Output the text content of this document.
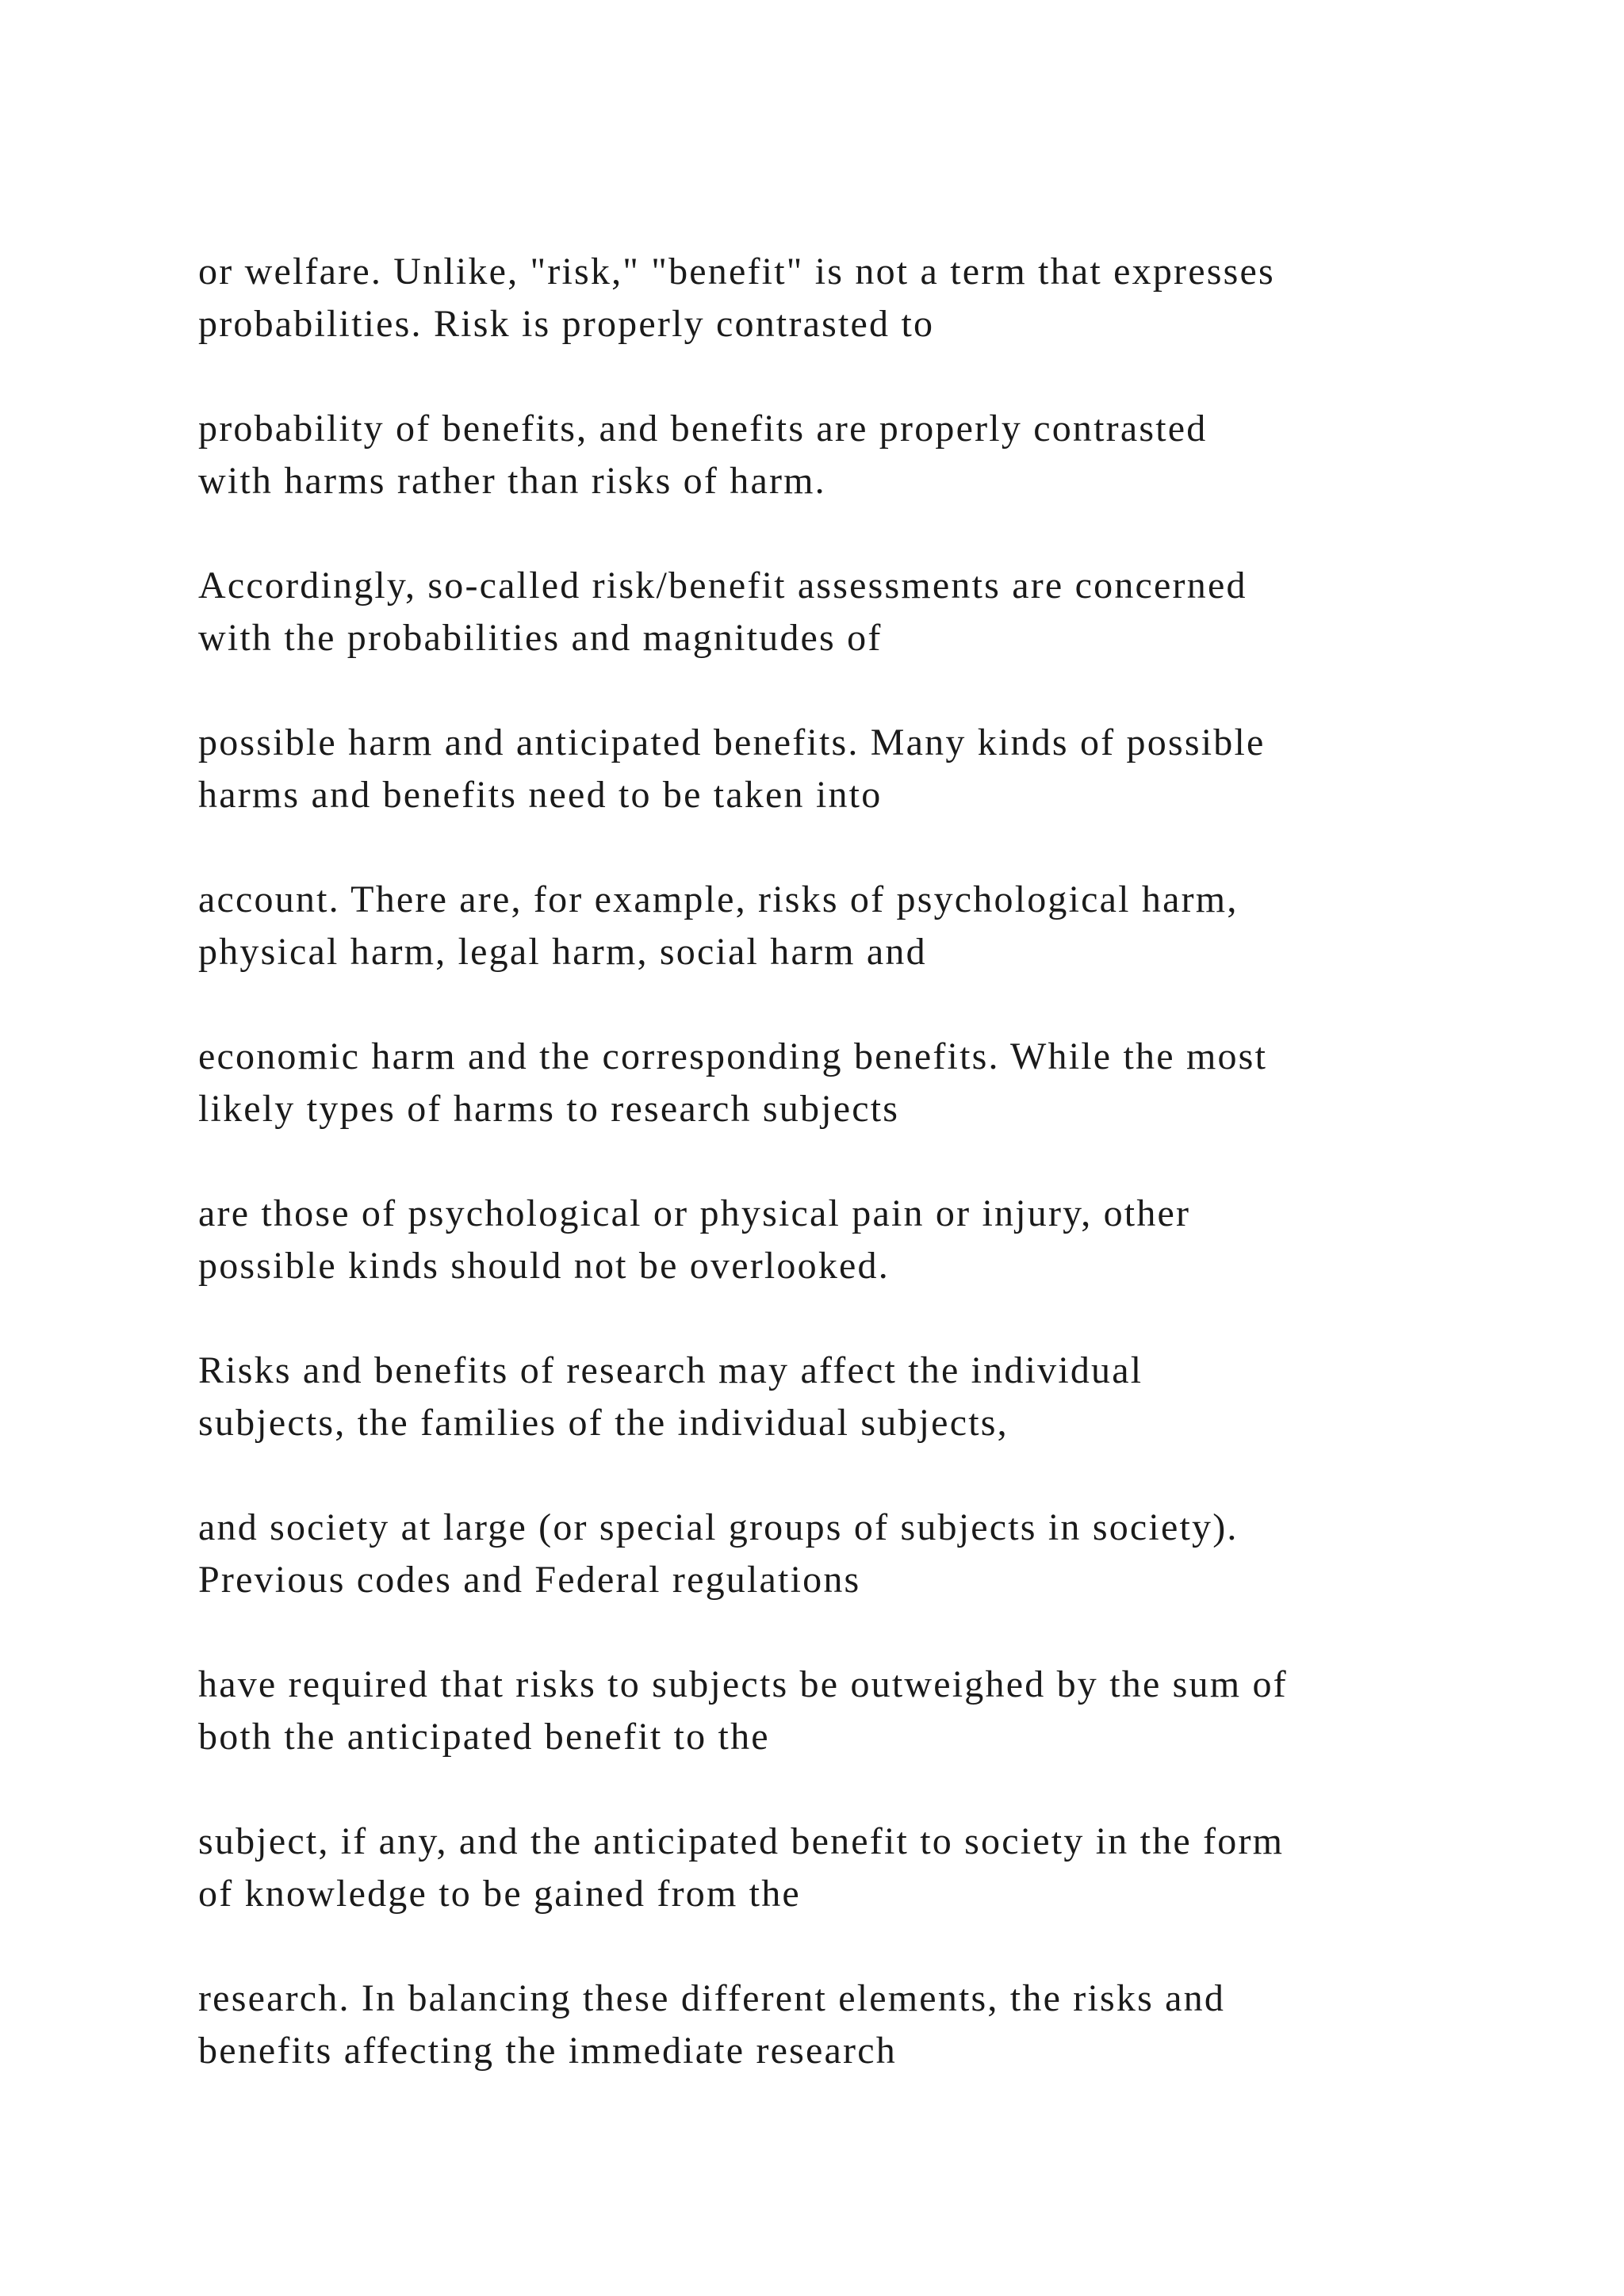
or welfare. Unlike, "risk," "benefit" is not a term that expresses
probabilities. Risk is properly contrasted to

probability of benefits, and benefits are properly contrasted
with harms rather than risks of harm.

Accordingly, so-called risk/benefit assessments are concerned
with the probabilities and magnitudes of

possible harm and anticipated benefits. Many kinds of possible
harms and benefits need to be taken into

account. There are, for example, risks of psychological harm,
physical harm, legal harm, social harm and

economic harm and the corresponding benefits. While the most
likely types of harms to research subjects

are those of psychological or physical pain or injury, other
possible kinds should not be overlooked.

Risks and benefits of research may affect the individual
subjects, the families of the individual subjects,

and society at large (or special groups of subjects in society).
Previous codes and Federal regulations

have required that risks to subjects be outweighed by the sum of
both the anticipated benefit to the

subject, if any, and the anticipated benefit to society in the form
of knowledge to be gained from the

research. In balancing these different elements, the risks and
benefits affecting the immediate research
